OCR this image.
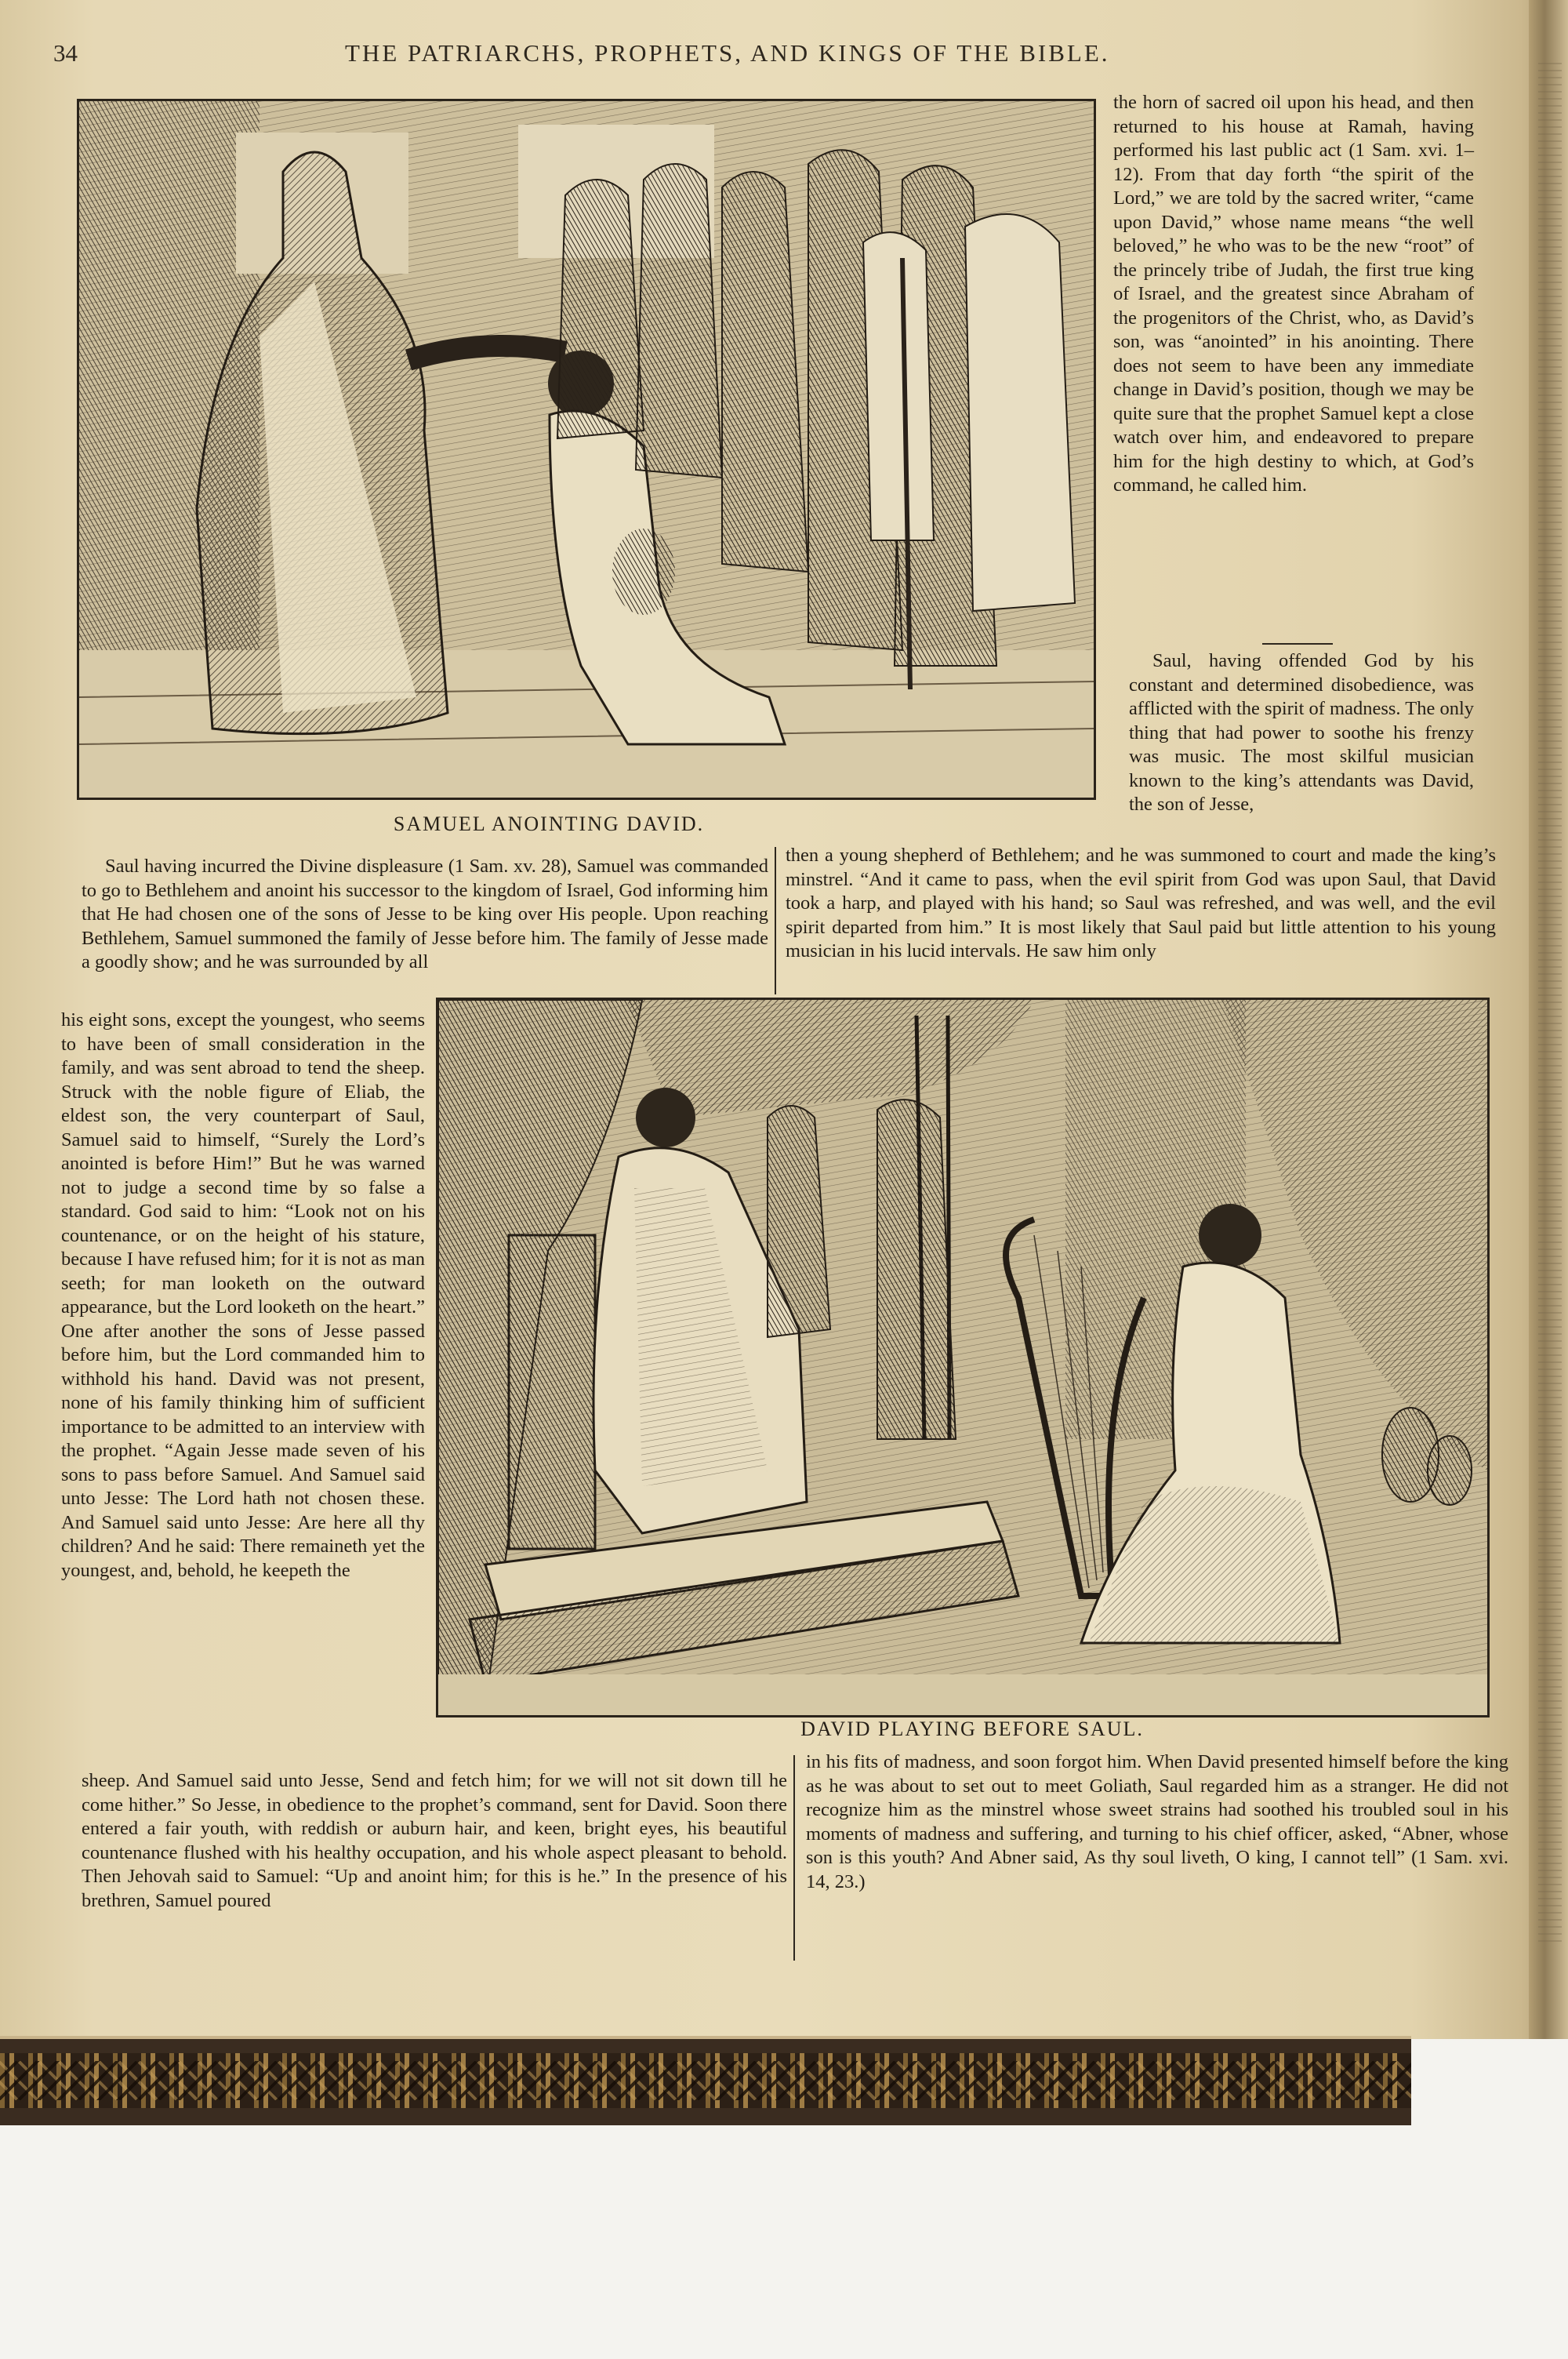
34	THE PATRIARCHS, PROPHETS, AND KINGS OF THE BIBLE.
SAMUEL ANOINTING DAVID.

the horn of sacred oil upon his head, and then returned to his house at Ramah, having performed his last public act (1 Sam. xvi. 1–12). From that day forth “the spirit of the Lord,” we are told by the sacred writer, “came upon David,” whose name means “the well beloved,” he who was to be the new “root” of the princely tribe of Judah, the first true king of Israel, and the greatest since Abraham of the progenitors of the Christ, who, as David’s son, was “anointed” in his anointing. There does not seem to have been any immediate change in David’s position, though we may be quite sure that the prophet Samuel kept a close watch over him, and endeavored to prepare him for the high destiny to which, at God’s command, he called him.

Saul, having offended God by his constant and determined disobedience, was afflicted with the spirit of madness. The only thing that had power to soothe his frenzy was music. The most skilful musician known to the king’s attendants was David, the son of Jesse,

Saul having incurred the Divine displeasure (1 Sam. xv. 28), Samuel was commanded to go to Bethlehem and anoint his successor to the kingdom of Israel, God informing him that He had chosen one of the sons of Jesse to be king over His people. Upon reaching Bethlehem, Samuel summoned the family of Jesse before him. The family of Jesse made a goodly show; and he was surrounded by all

then a young shepherd of Bethlehem; and he was summoned to court and made the king’s minstrel. “And it came to pass, when the evil spirit from God was upon Saul, that David took a harp, and played with his hand; so Saul was refreshed, and was well, and the evil spirit departed from him.” It is most likely that Saul paid but little attention to his young musician in his lucid intervals. He saw him only

DAVID PLAYING BEFORE SAUL.

his eight sons, except the youngest, who seems to have been of small consideration in the family, and was sent abroad to tend the sheep. Struck with the noble figure of Eliab, the eldest son, the very counterpart of Saul, Samuel said to himself, “Surely the Lord’s anointed is before Him!” But he was warned not to judge a second time by so false a standard. God said to him: “Look not on his countenance, or on the height of his stature, because I have refused him; for it is not as man seeth; for man looketh on the outward appearance, but the Lord looketh on the heart.” One after another the sons of Jesse passed before him, but the Lord commanded him to withhold his hand. David was not present, none of his family thinking him of sufficient importance to be admitted to an interview with the prophet. “Again Jesse made seven of his sons to pass before Samuel. And Samuel said unto Jesse: The Lord hath not chosen these. And Samuel said unto Jesse: Are here all thy children? And he said: There remaineth yet the youngest, and, behold, he keepeth the

sheep. And Samuel said unto Jesse, Send and fetch him; for we will not sit down till he come hither.” So Jesse, in obedience to the prophet’s command, sent for David. Soon there entered a fair youth, with reddish or auburn hair, and keen, bright eyes, his beautiful countenance flushed with his healthy occupation, and his whole aspect pleasant to behold. Then Jehovah said to Samuel: “Up and anoint him; for this is he.” In the presence of his brethren, Samuel poured

in his fits of madness, and soon forgot him. When David presented himself before the king as he was about to set out to meet Goliath, Saul regarded him as a stranger. He did not recognize him as the minstrel whose sweet strains had soothed his troubled soul in his moments of madness and suffering, and turning to his chief officer, asked, “Abner, whose son is this youth? And Abner said, As thy soul liveth, O king, I cannot tell” (1 Sam. xvi. 14, 23.)
